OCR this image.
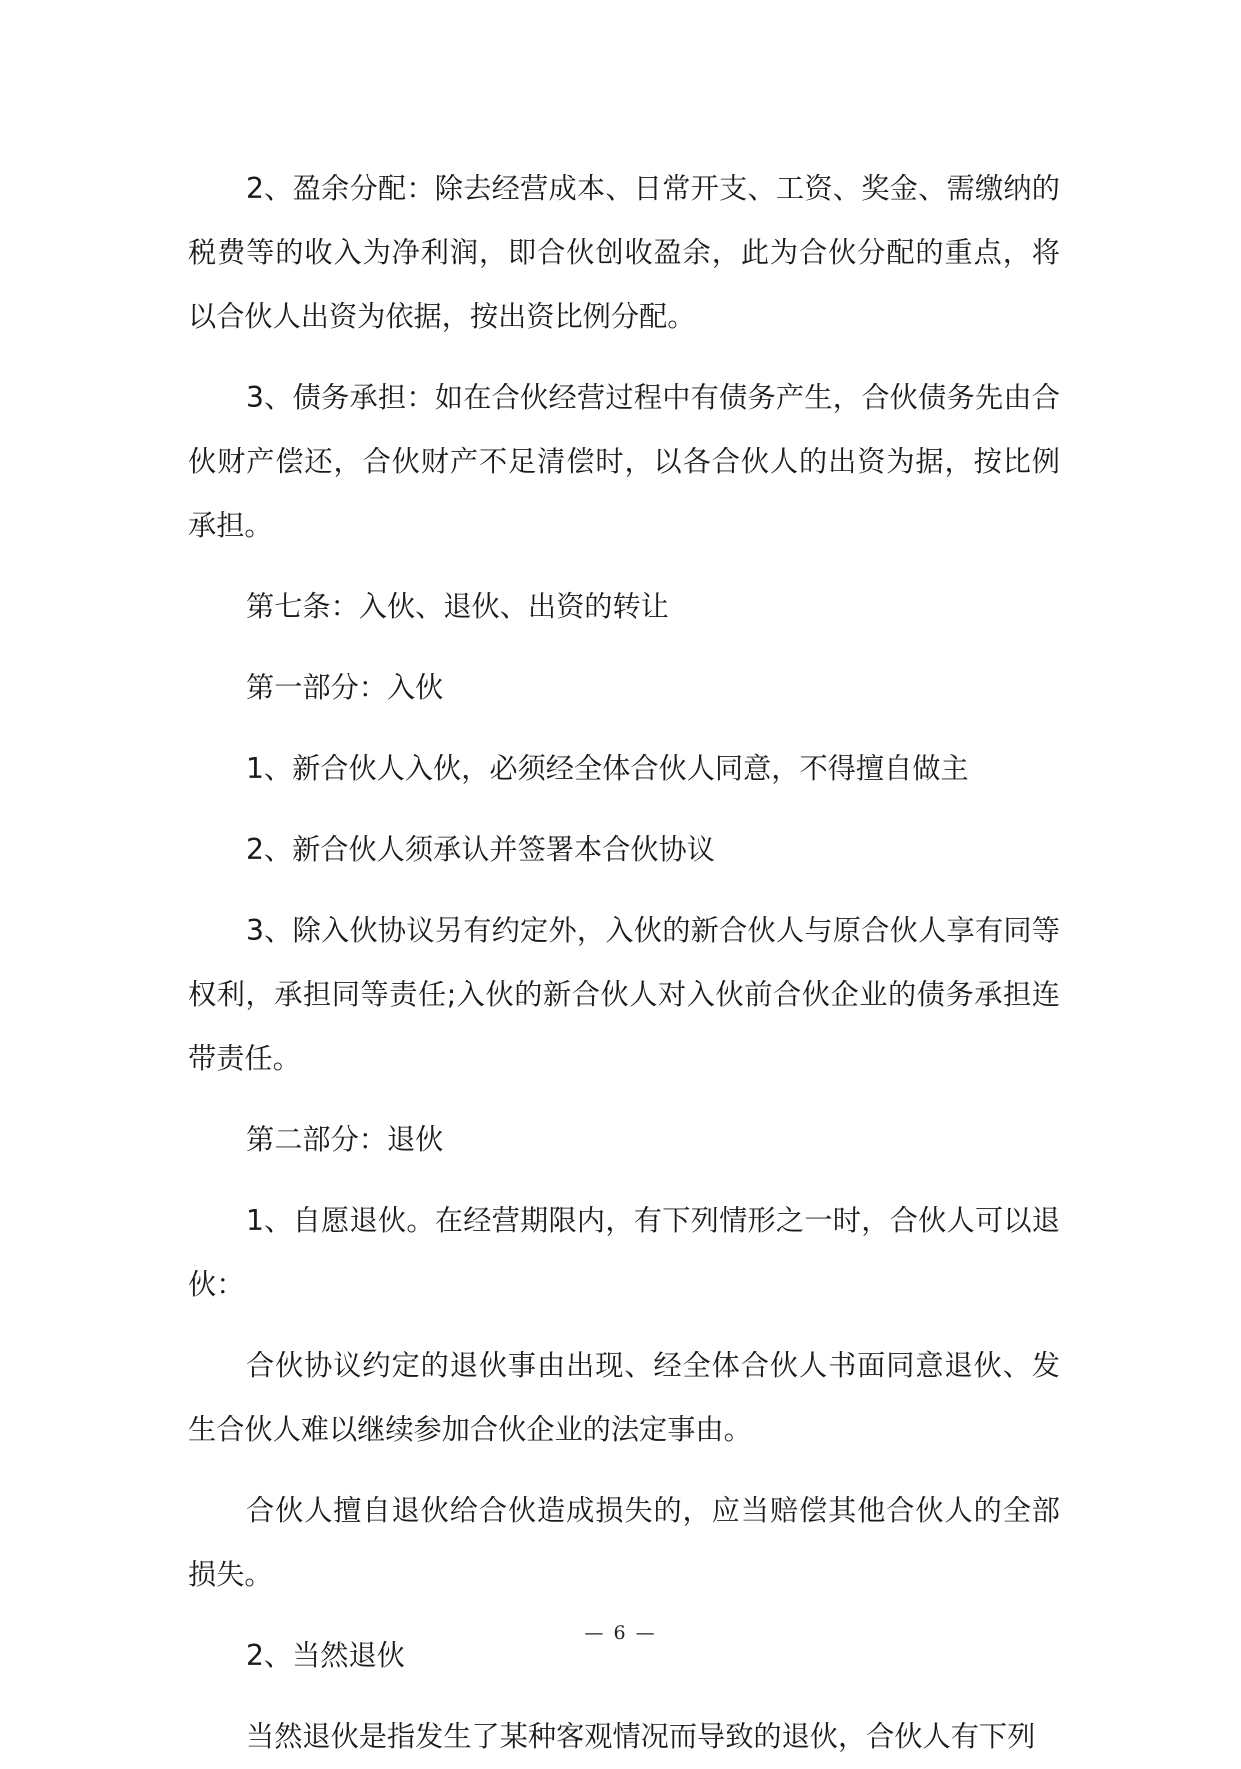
2、盈余分配：除去经营成本、日常开支、工资、奖金、需缴纳的税费等的收入为净利润，即合伙创收盈余，此为合伙分配的重点，将以合伙人出资为依据，按出资比例分配。

3、债务承担：如在合伙经营过程中有债务产生，合伙债务先由合伙财产偿还，合伙财产不足清偿时，以各合伙人的出资为据，按比例承担。

第七条：入伙、退伙、出资的转让

第一部分：入伙

1、新合伙人入伙，必须经全体合伙人同意，不得擅自做主

2、新合伙人须承认并签署本合伙协议

3、除入伙协议另有约定外，入伙的新合伙人与原合伙人享有同等权利，承担同等责任;入伙的新合伙人对入伙前合伙企业的债务承担连带责任。

第二部分：退伙

1、自愿退伙。在经营期限内，有下列情形之一时，合伙人可以退伙：

合伙协议约定的退伙事由出现、经全体合伙人书面同意退伙、发生合伙人难以继续参加合伙企业的法定事由。

合伙人擅自退伙给合伙造成损失的，应当赔偿其他合伙人的全部损失。

2、当然退伙

当然退伙是指发生了某种客观情况而导致的退伙，合伙人有下列

— 6 —
